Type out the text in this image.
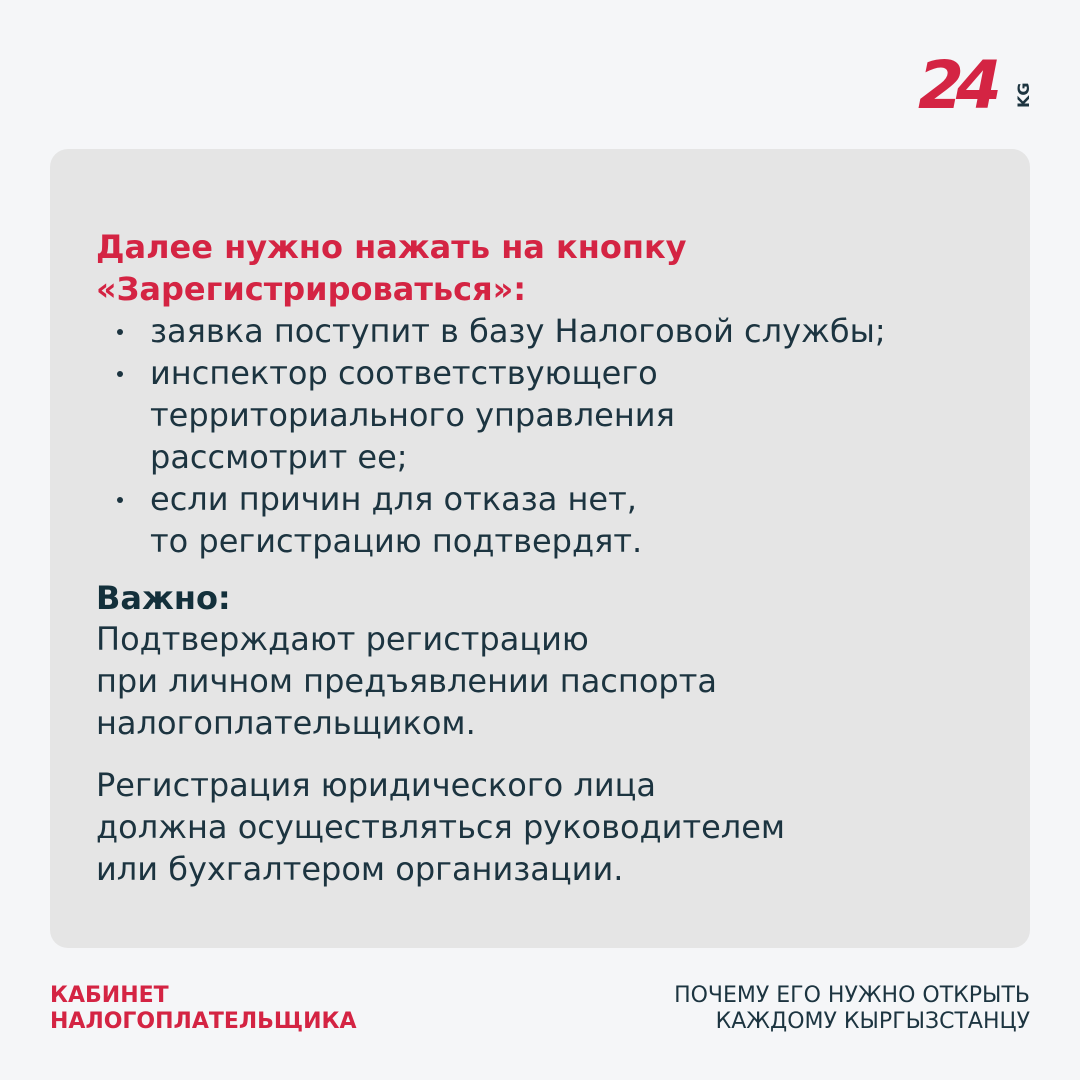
24 KG
Далее нужно нажать на кнопку «Зарегистрироваться»:
заявка поступит в базу Налоговой службы;
инспектор соответствующего
территориального управления
рассмотрит ее;
если причин для отказа нет,
то регистрацию подтвердят.
Важно:
Подтверждают регистрацию
при личном предъявлении паспорта
налогоплательщиком.
Регистрация юридического лица
должна осуществляться руководителем
или бухгалтером организации.
КАБИНЕТ
НАЛОГОПЛАТЕЛЬЩИКА
ПОЧЕМУ ЕГО НУЖНО ОТКРЫТЬ
КАЖДОМУ КЫРГЫЗСТАНЦУ
